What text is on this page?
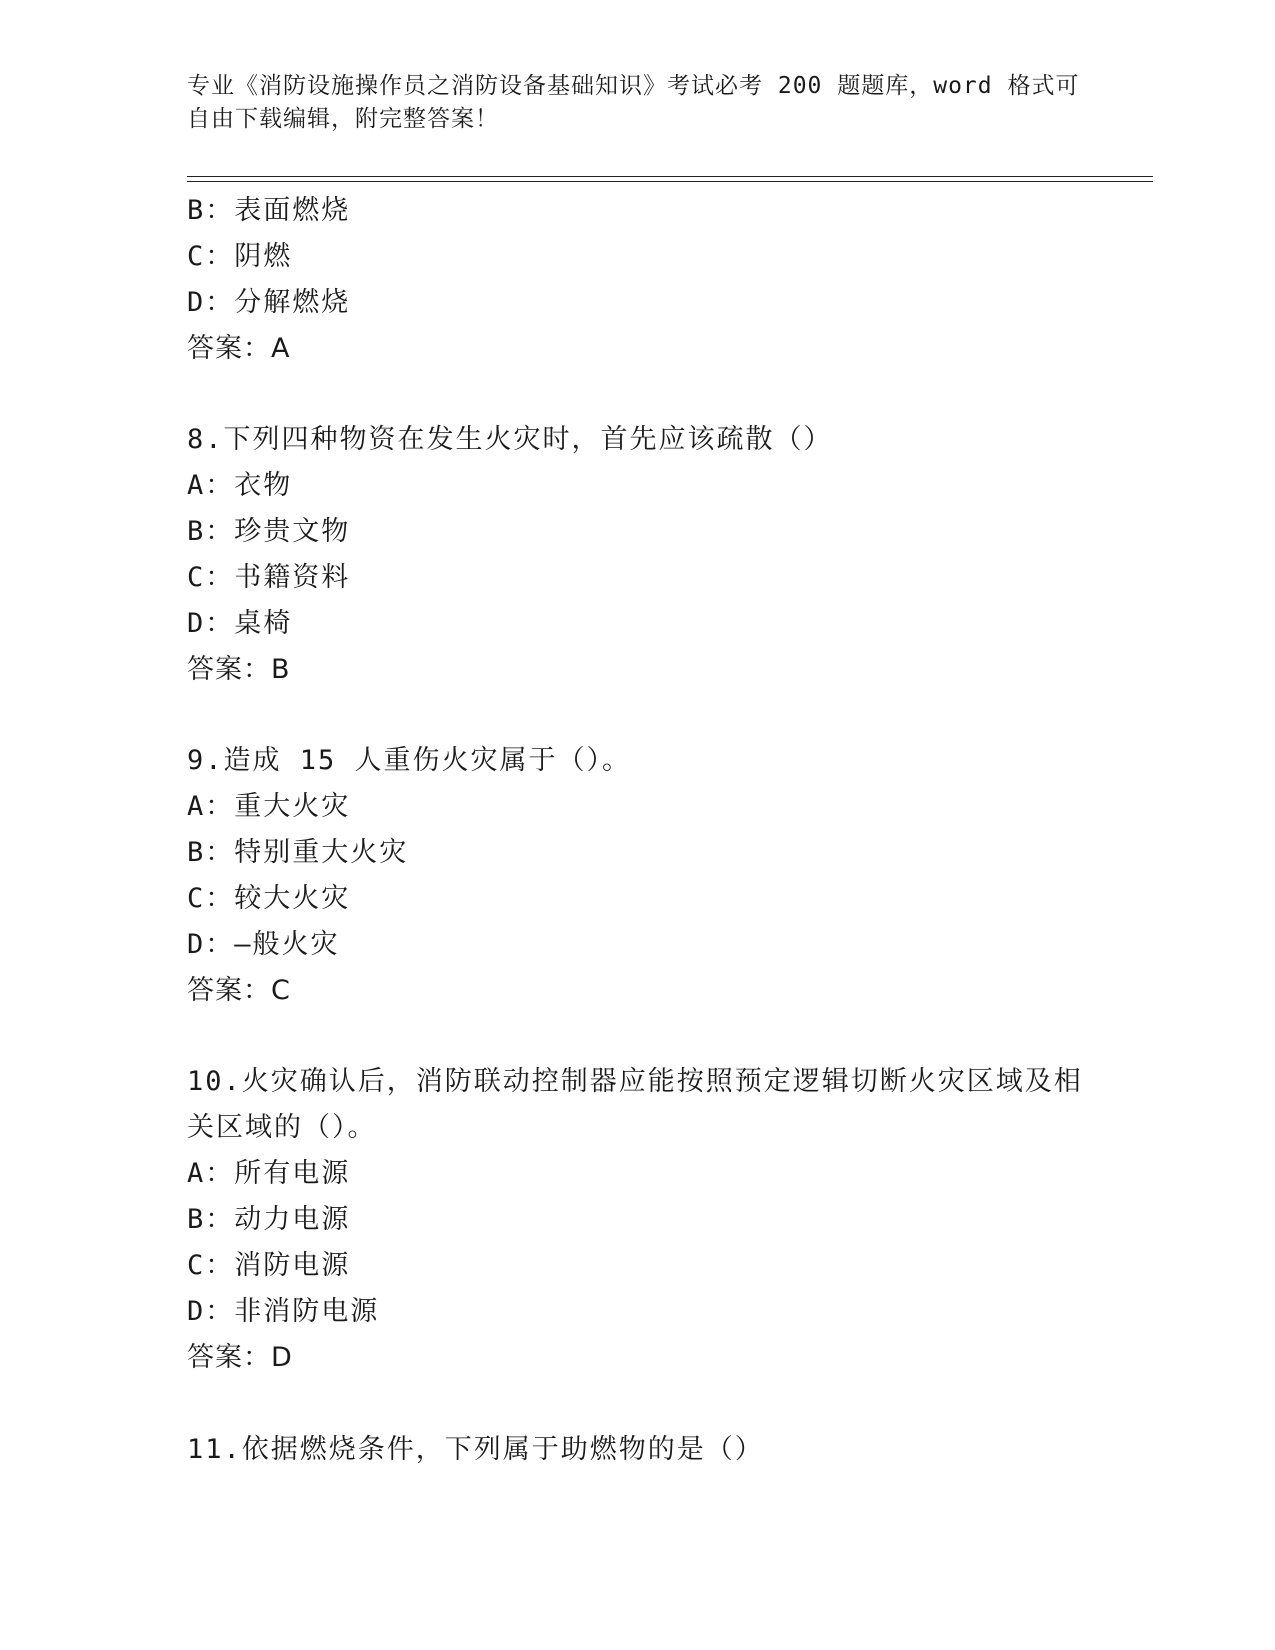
专业《消防设施操作员之消防设备基础知识》考试必考 200 题题库，word 格式可
自由下载编辑，附完整答案！
B：表面燃烧
C：阴燃
D：分解燃烧
答案：A
8.下列四种物资在发生火灾时，首先应该疏散（）
A：衣物
B：珍贵文物
C：书籍资料
D：桌椅
答案：B
9.造成 15 人重伤火灾属于（）。
A：重大火灾
B：特别重大火灾
C：较大火灾
D：—般火灾
答案：C
10.火灾确认后，消防联动控制器应能按照预定逻辑切断火灾区域及相
关区域的（）。
A：所有电源
B：动力电源
C：消防电源
D：非消防电源
答案：D
11.依据燃烧条件，下列属于助燃物的是（）
